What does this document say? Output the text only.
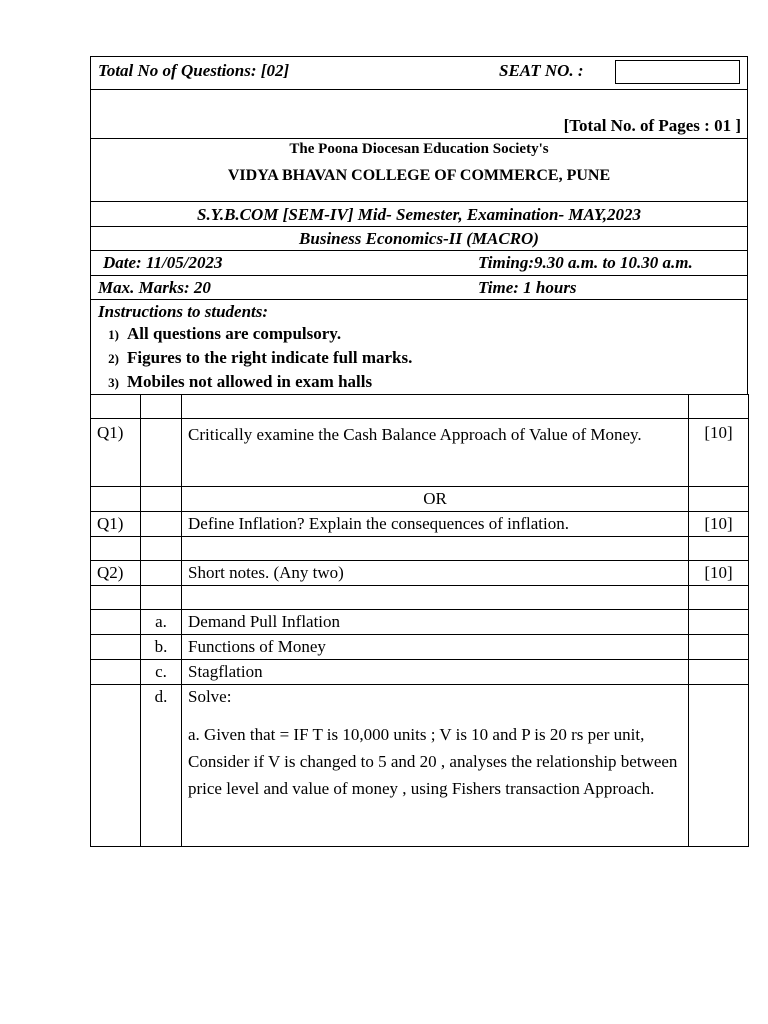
Total No of Questions: [02]	SEAT NO. :
[Total No. of Pages : 01 ]
The Poona Diocesan Education Society's
VIDYA BHAVAN COLLEGE OF COMMERCE, PUNE
S.Y.B.COM [SEM-IV] Mid- Semester, Examination- MAY,2023
Business Economics-II (MACRO)
Date: 11/05/2023	Timing:9.30 a.m. to 10.30 a.m.
Max. Marks: 20	Time: 1 hours
Instructions to students:
1) All questions are compulsory.
2) Figures to the right indicate full marks.
3) Mobiles not allowed in exam halls

Q1)		Critically examine the Cash Balance Approach of Value of Money.	[10]
		OR	
Q1)		Define Inflation? Explain the consequences of inflation.	[10]

Q2)		Short notes. (Any two)	[10]

	a.	Demand Pull Inflation	
	b.	Functions of Money	
	c.	Stagflation	
	d.	Solve:
a. Given that = IF T is 10,000 units ; V is 10 and P is 20 rs per unit, Consider if V is changed to 5 and 20 , analyses the relationship between price level and value of money , using Fishers transaction Approach.	
